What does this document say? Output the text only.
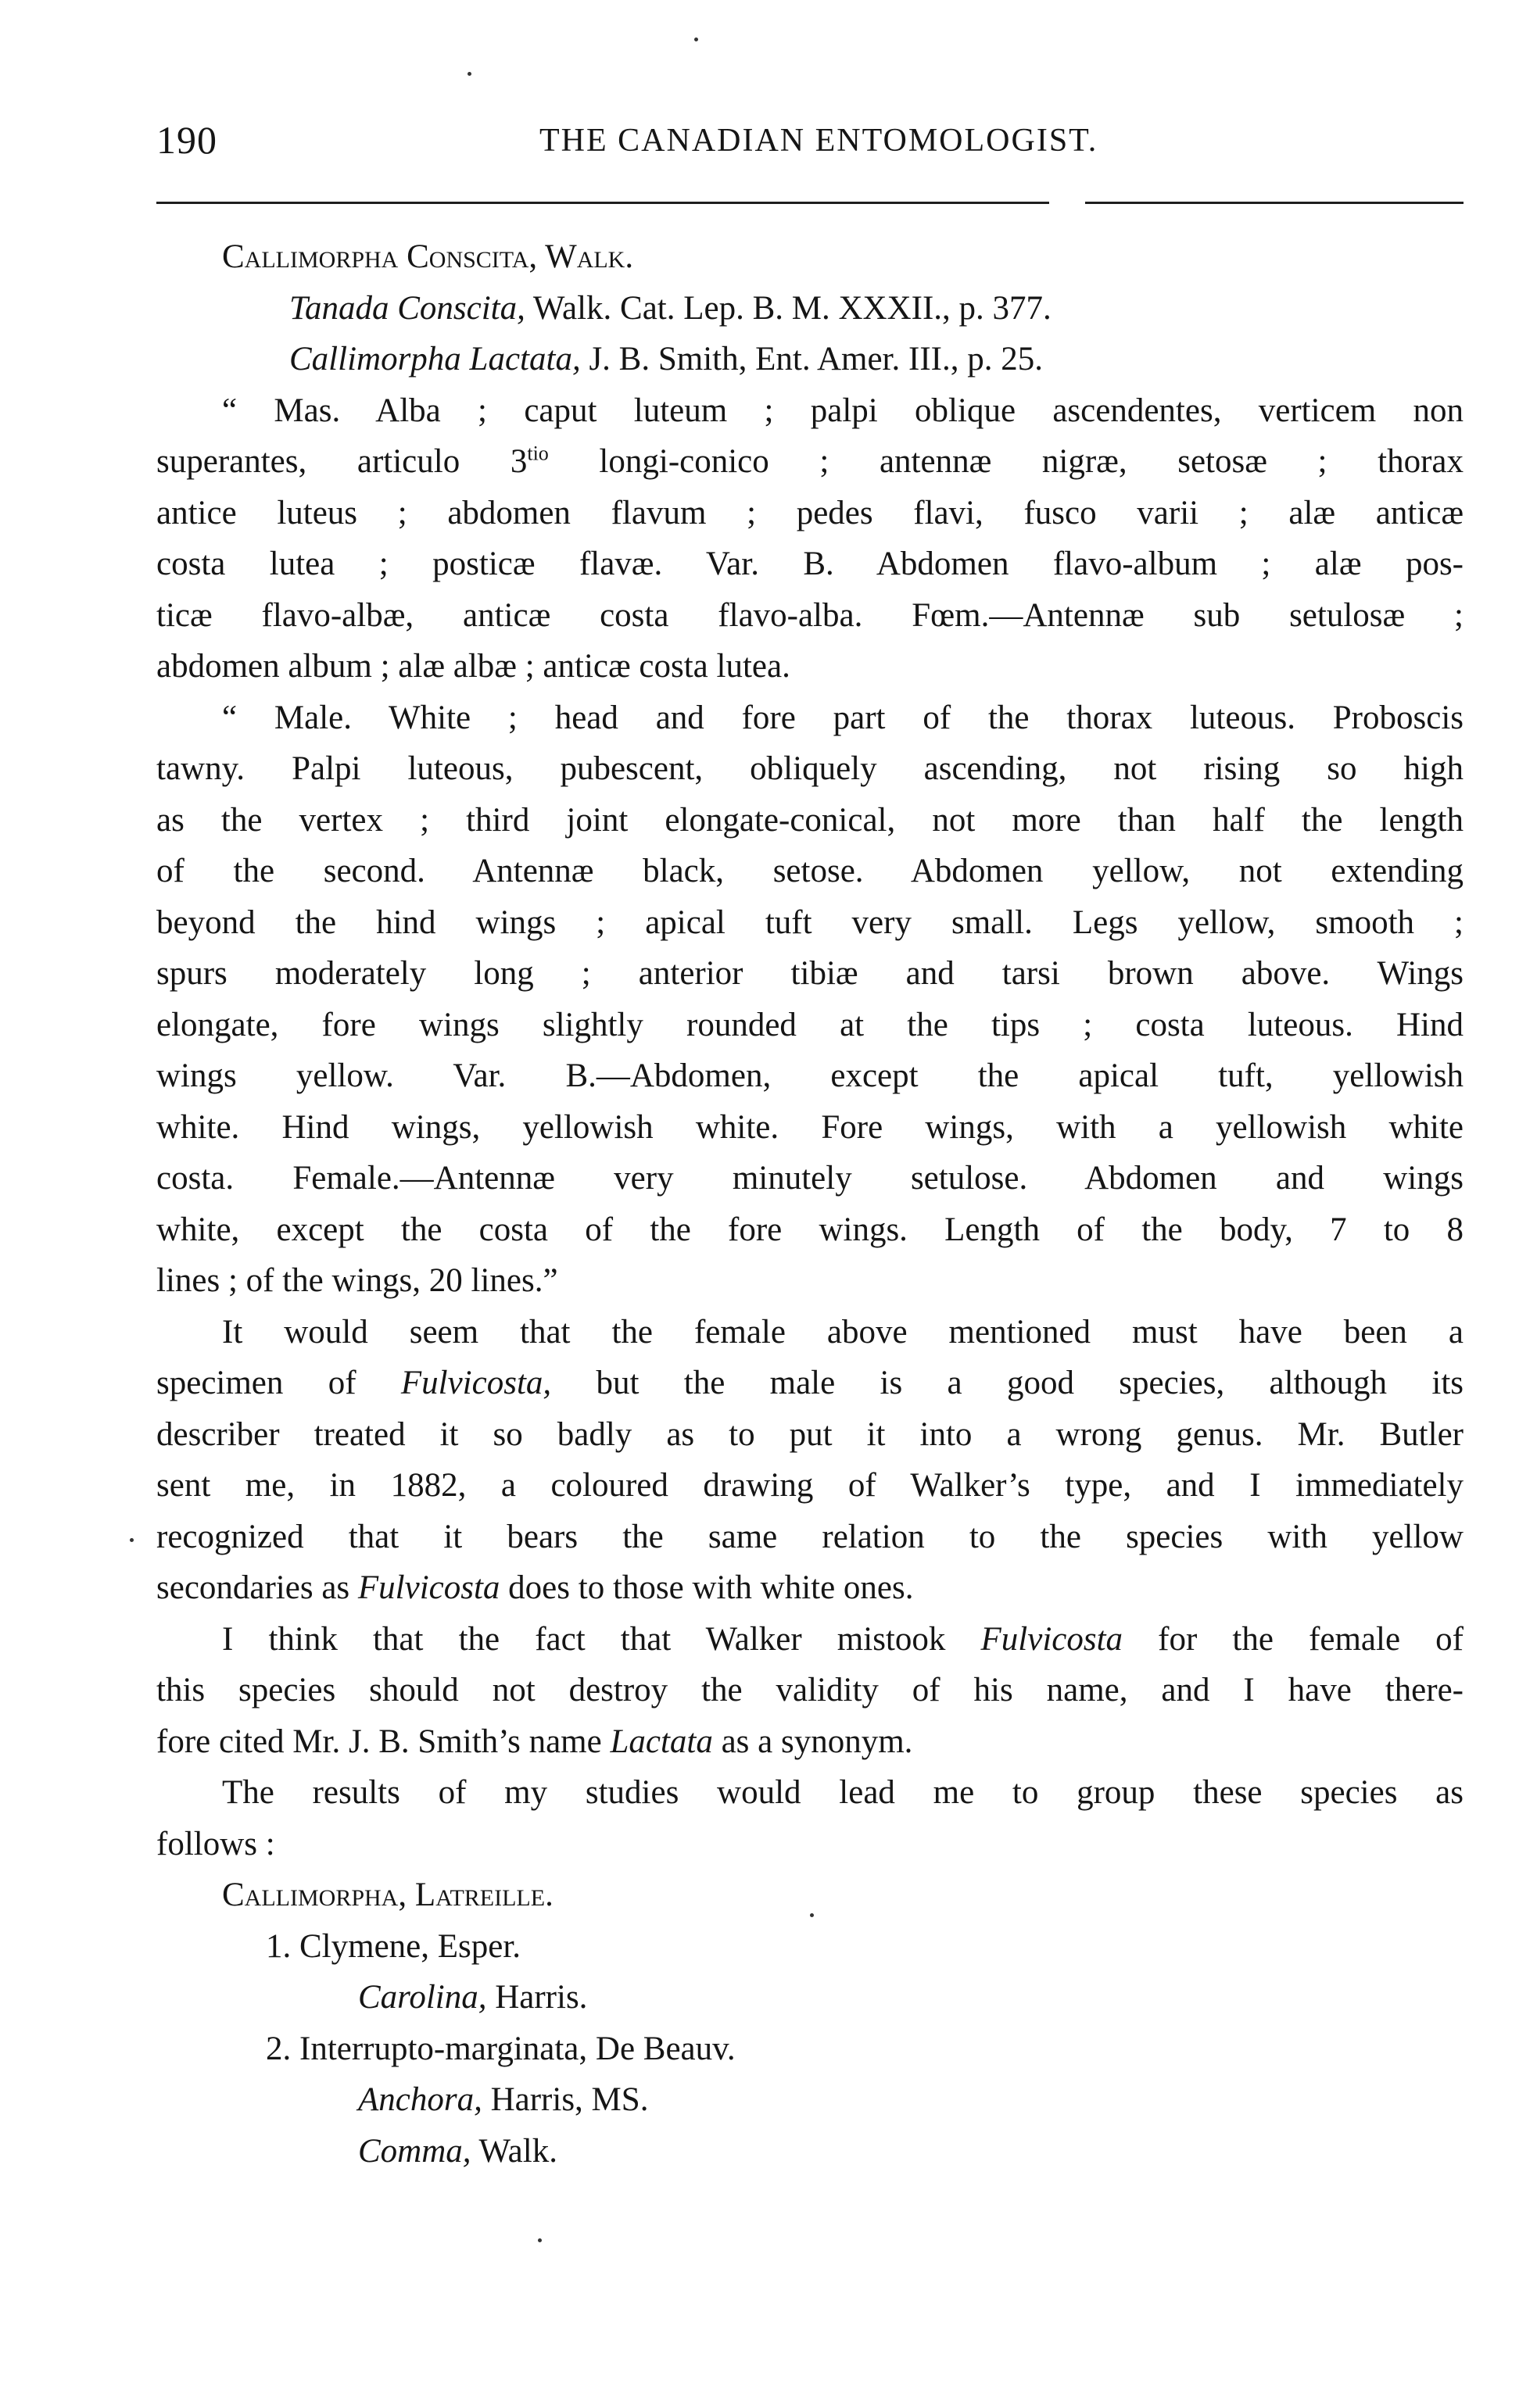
190	THE CANADIAN ENTOMOLOGIST.
Callimorpha Conscita, Walk.
Tanada Conscita, Walk. Cat. Lep. B. M. XXXII., p. 377.
Callimorpha Lactata, J. B. Smith, Ent. Amer. III., p. 25.
“ Mas. Alba ; caput luteum ; palpi oblique ascendentes, verticem non
superantes, articulo $3^{tio}$ longi-conico ; antennæ nigræ, setosæ ; thorax
antice luteus ; abdomen flavum ; pedes flavi, fusco varii ; alæ anticæ
costa lutea ; posticæ flavæ. Var. B. Abdomen flavo-album ; alæ pos-
ticæ flavo-albæ, anticæ costa flavo-alba. Fœm.—Antennæ sub setulosæ ;
abdomen album ; alæ albæ ; anticæ costa lutea.
“ Male. White ; head and fore part of the thorax luteous. Proboscis
tawny. Palpi luteous, pubescent, obliquely ascending, not rising so high
as the vertex ; third joint elongate-conical, not more than half the length
of the second. Antennæ black, setose. Abdomen yellow, not extending
beyond the hind wings ; apical tuft very small. Legs yellow, smooth ;
spurs moderately long ; anterior tibiæ and tarsi brown above. Wings
elongate, fore wings slightly rounded at the tips ; costa luteous. Hind
wings yellow. Var. B.—Abdomen, except the apical tuft, yellowish
white. Hind wings, yellowish white. Fore wings, with a yellowish white
costa. Female.—Antennæ very minutely setulose. Abdomen and wings
white, except the costa of the fore wings. Length of the body, 7 to 8
lines ; of the wings, 20 lines.”
It would seem that the female above mentioned must have been a
specimen of Fulvicosta, but the male is a good species, although its
describer treated it so badly as to put it into a wrong genus. Mr. Butler
sent me, in 1882, a coloured drawing of Walker’s type, and I immediately
recognized that it bears the same relation to the species with yellow
secondaries as Fulvicosta does to those with white ones.
I think that the fact that Walker mistook Fulvicosta for the female of
this species should not destroy the validity of his name, and I have there-
fore cited Mr. J. B. Smith’s name Lactata as a synonym.
The results of my studies would lead me to group these species as
follows :
Callimorpha, Latreille.
1. Clymene, Esper.
Carolina, Harris.
2. Interrupto-marginata, De Beauv.
Anchora, Harris, MS.
Comma, Walk.
